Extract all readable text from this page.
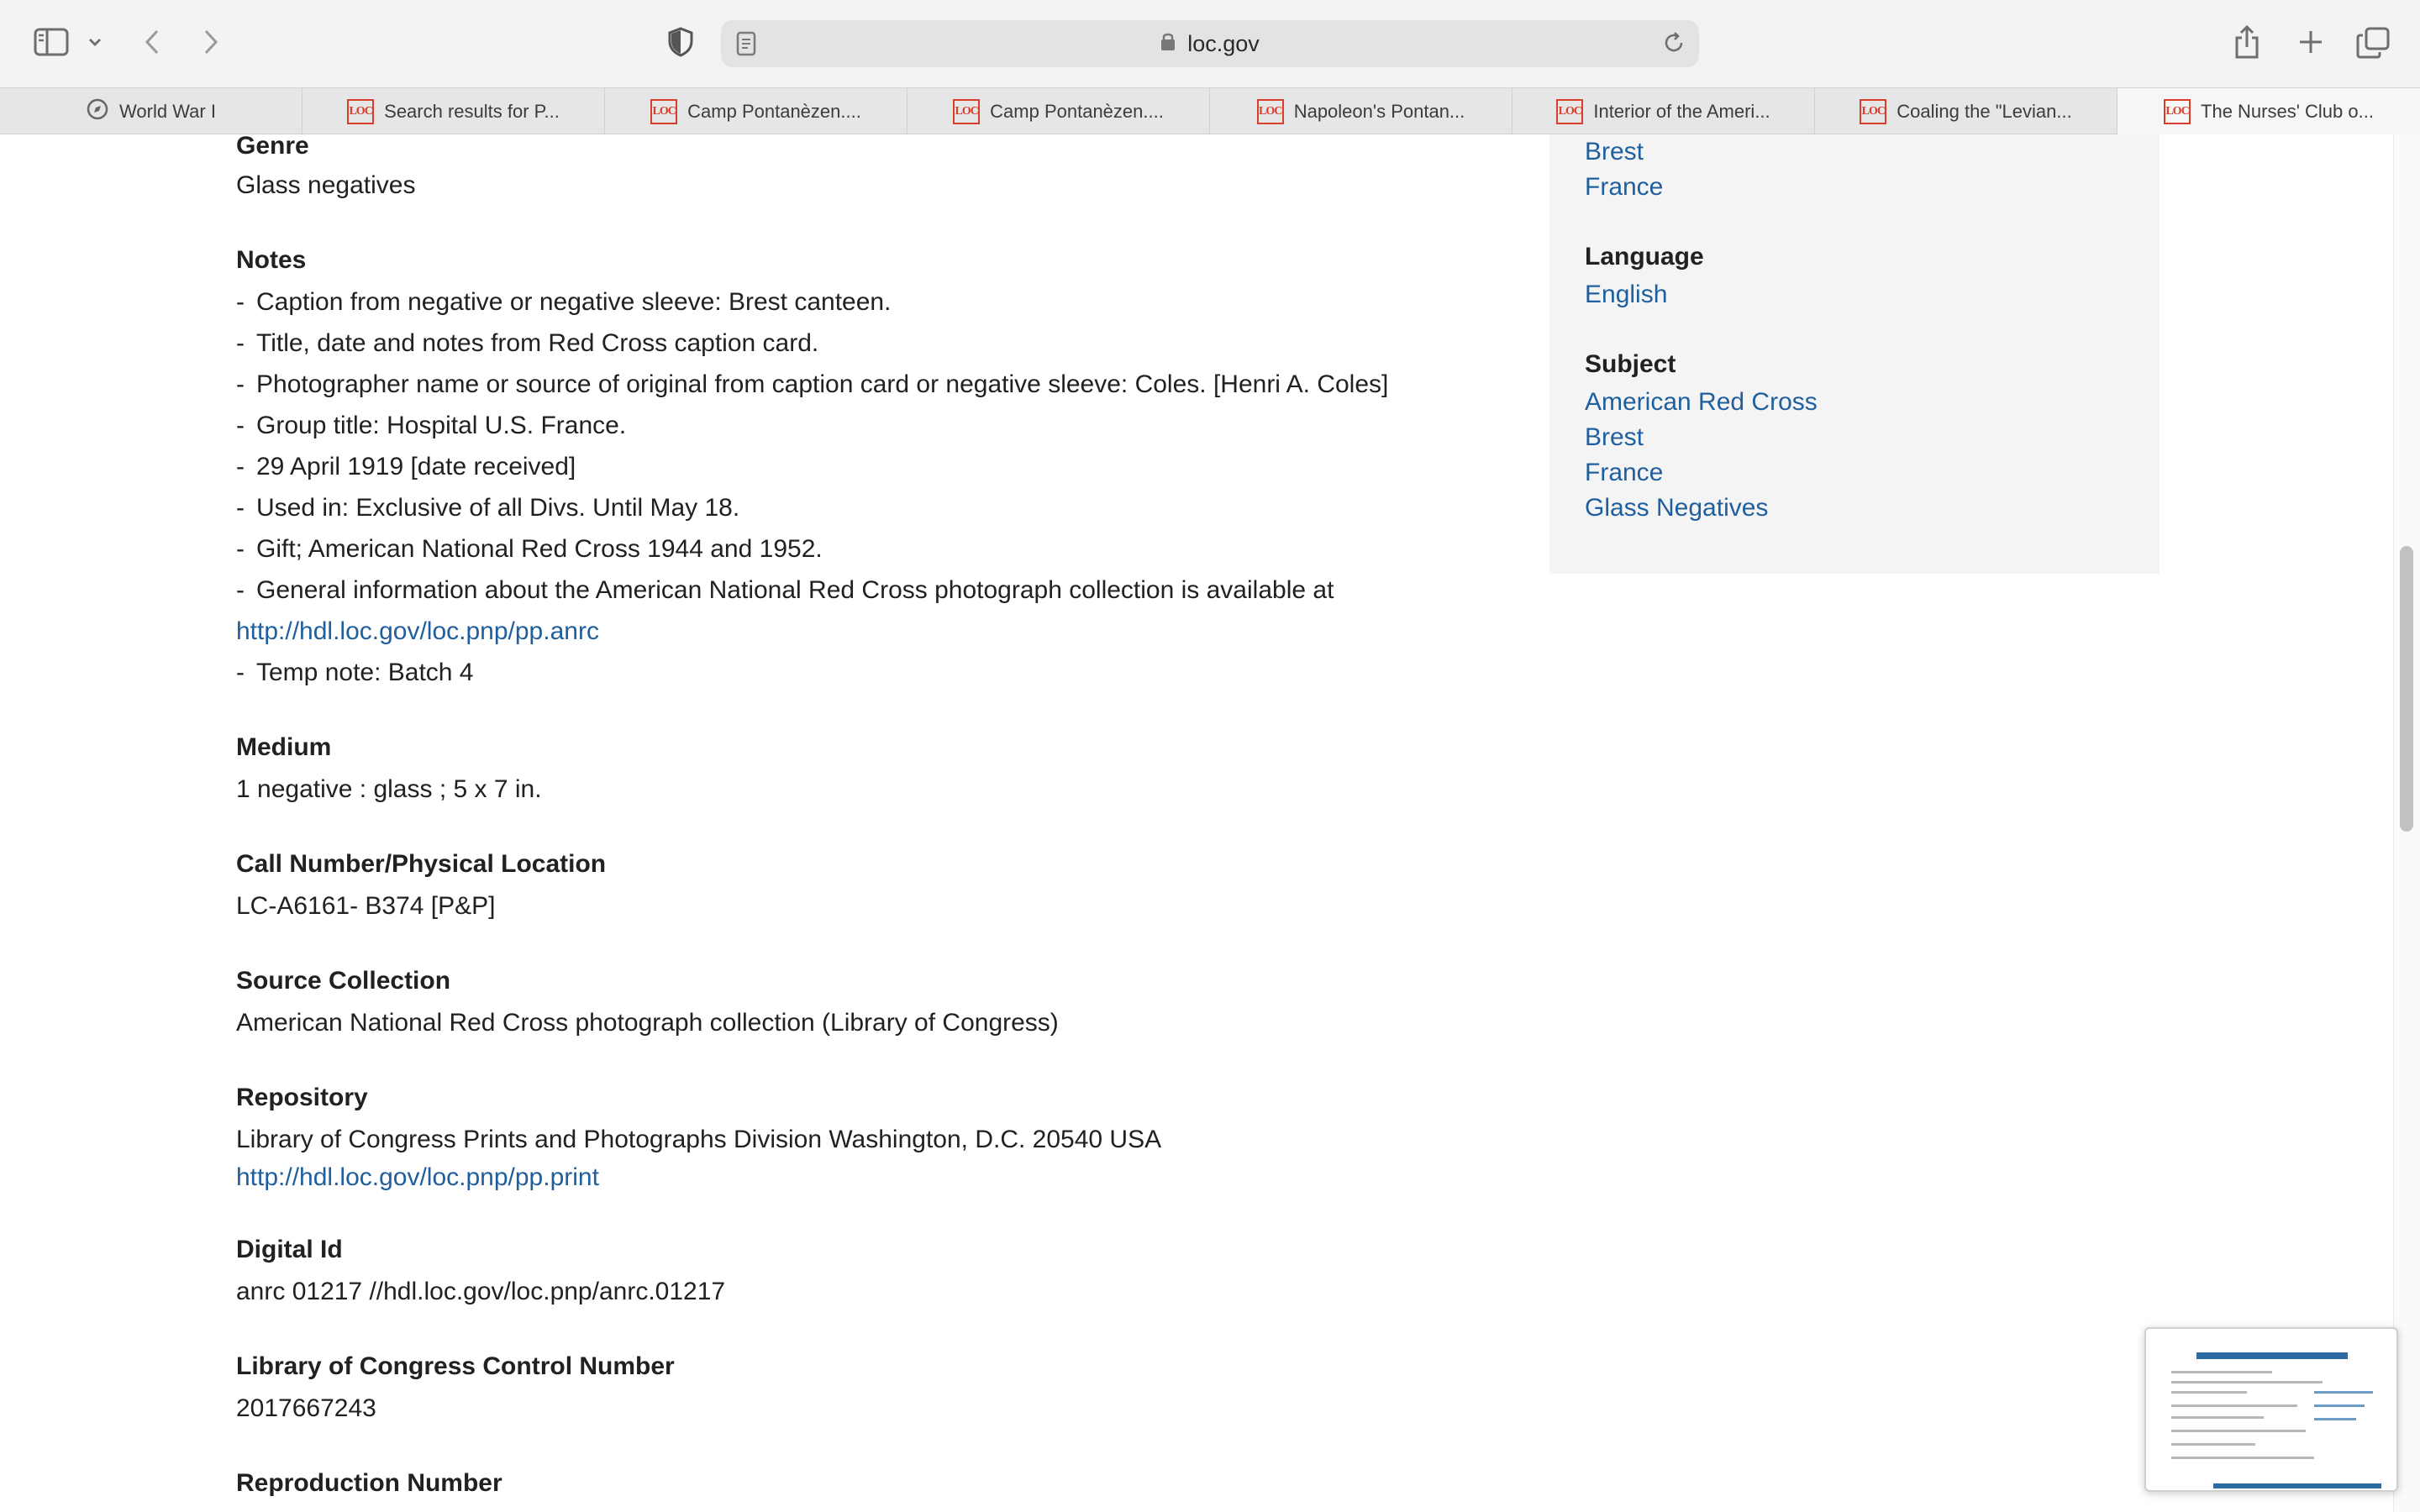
loc.gov
World War I	LOC Search results for P...	LOC Camp Pontanèzen....	LOC Camp Pontanèzen....	LOC Napoleon's Pontan...	LOC Interior of the Ameri...	LOC Coaling the "Levian...	LOC The Nurses' Club o...
Genre
Glass negatives
Notes
- Caption from negative or negative sleeve: Brest canteen.
- Title, date and notes from Red Cross caption card.
- Photographer name or source of original from caption card or negative sleeve: Coles. [Henri A. Coles]
- Group title: Hospital U.S. France.
- 29 April 1919 [date received]
- Used in: Exclusive of all Divs. Until May 18.
- Gift; American National Red Cross 1944 and 1952.
- General information about the American National Red Cross photograph collection is available at
http://hdl.loc.gov/loc.pnp/pp.anrc
- Temp note: Batch 4
Medium
1 negative : glass ; 5 x 7 in.
Call Number/Physical Location
LC-A6161- B374 [P&P]
Source Collection
American National Red Cross photograph collection (Library of Congress)
Repository
Library of Congress Prints and Photographs Division Washington, D.C. 20540 USA
http://hdl.loc.gov/loc.pnp/pp.print
Digital Id
anrc 01217 //hdl.loc.gov/loc.pnp/anrc.01217
Library of Congress Control Number
2017667243
Reproduction Number
Brest
France
Language
English
Subject
American Red Cross
Brest
France
Glass Negatives
